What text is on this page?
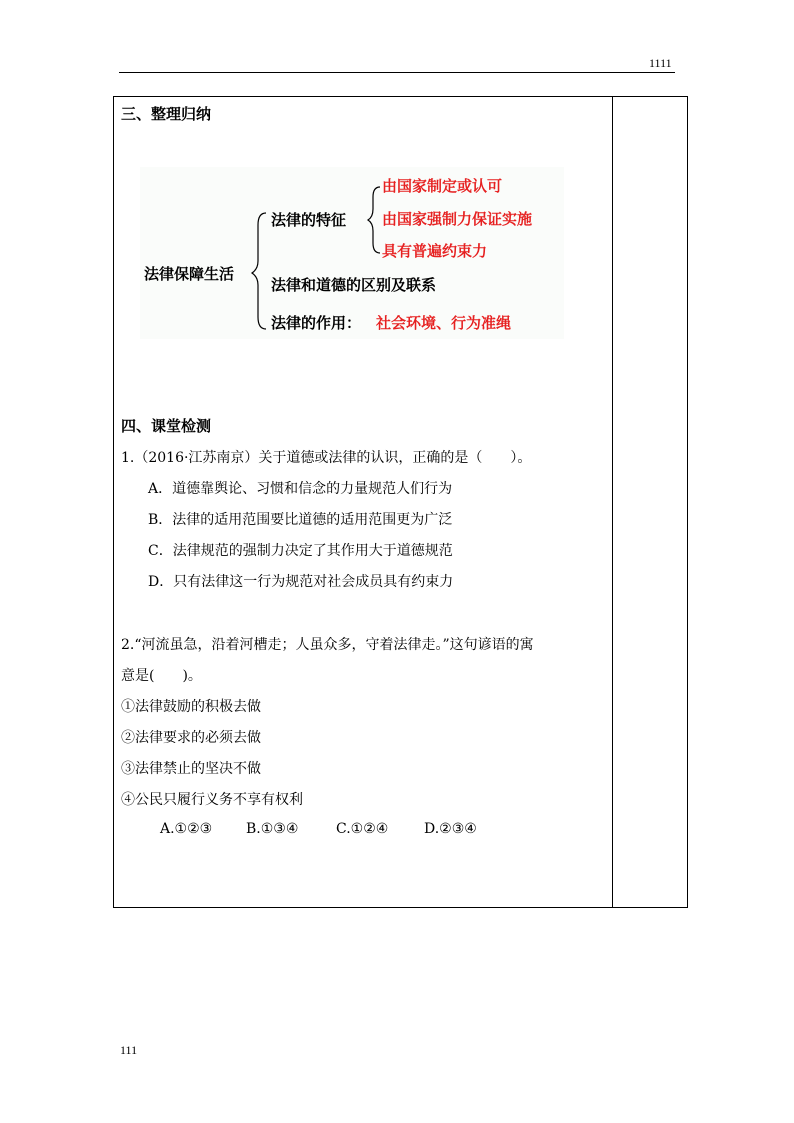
1111
三、整理归纳
法律保障生活
法律的特征
由国家制定或认可
由国家强制力保证实施
具有普遍约束力
法律和道德的区别及联系
法律的作用： 社会环境、行为准绳
四、课堂检测
1.（2016·江苏南京）关于道德或法律的认识，正确的是（　　）。
A．道德靠舆论、习惯和信念的力量规范人们行为
B．法律的适用范围要比道德的适用范围更为广泛
C．法律规范的强制力决定了其作用大于道德规范
D．只有法律这一行为规范对社会成员具有约束力
2.“河流虽急，沿着河槽走；人虽众多，守着法律走。”这句谚语的寓
意是(　　)。
①法律鼓励的积极去做
②法律要求的必须去做
③法律禁止的坚决不做
④公民只履行义务不享有权利
A.①②③ B.①③④	C.①②④	D.②③④
111
